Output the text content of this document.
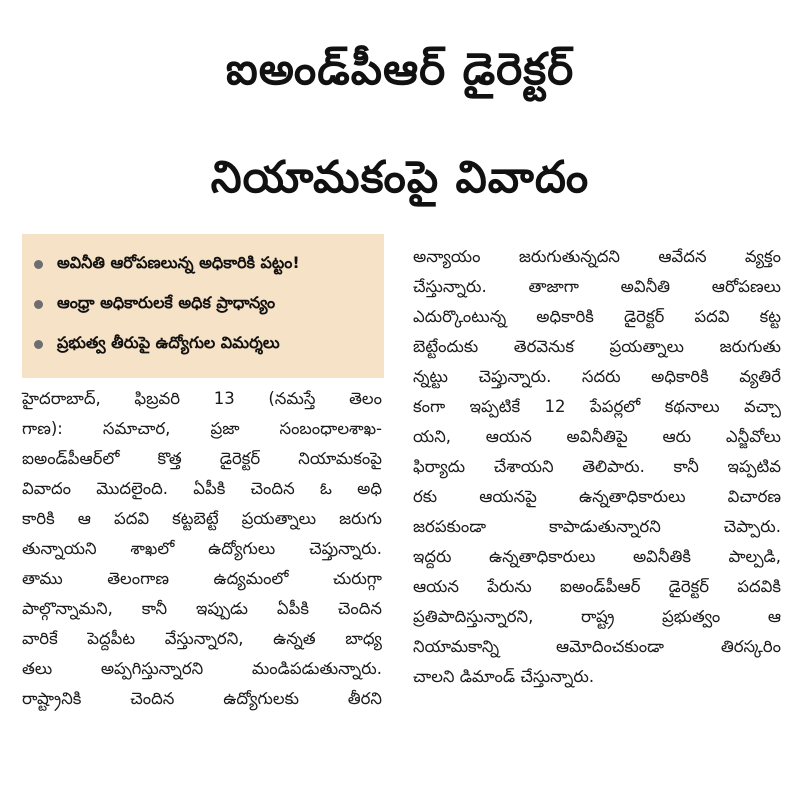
ఐఅండ్‌పీఆర్ డైరెక్టర్
నియామకంపై వివాదం
అవినీతి ఆరోపణలున్న అధికారికి పట్టం!
ఆంధ్రా అధికారులకే అధిక ప్రాధాన్యం
ప్రభుత్వ తీరుపై ఉద్యోగుల విమర్శలు
హైదరాబాద్, ఫిబ్రవరి 13 (నమస్తే తెలం
గాణ): సమాచార, ప్రజా సంబంధాలశాఖ-
ఐఅండ్‌పీఆర్‌లో కొత్త డైరెక్టర్ నియామకంపై
వివాదం మొదలైంది. ఏపీకి చెందిన ఓ అధి
కారికి ఆ పదవి కట్టబెట్టే ప్రయత్నాలు జరుగు
తున్నాయని శాఖలో ఉద్యోగులు చెప్తున్నారు.
తాము తెలంగాణ ఉద్యమంలో చురుగ్గా
పాల్గొన్నామని, కానీ ఇప్పుడు ఏపీకి చెందిన
వారికే పెద్దపీట వేస్తున్నారని, ఉన్నత బాధ్య
తలు అప్పగిస్తున్నారని మండిపడుతున్నారు.
రాష్ట్రానికి చెందిన ఉద్యోగులకు తీరని
అన్యాయం జరుగుతున్నదని ఆవేదన వ్యక్తం
చేస్తున్నారు. తాజాగా అవినీతి ఆరోపణలు
ఎదుర్కొంటున్న అధికారికి డైరెక్టర్ పదవి కట్ట
బెట్టేందుకు తెరవెనుక ప్రయత్నాలు జరుగుతు
న్నట్టు చెప్తున్నారు. సదరు అధికారికి వ్యతిరే
కంగా ఇప్పటికే 12 పేపర్లలో కథనాలు వచ్చా
యని, ఆయన అవినీతిపై ఆరు ఎన్జీవోలు
ఫిర్యాదు చేశాయని తెలిపారు. కానీ ఇప్పటివ
రకు ఆయనపై ఉన్నతాధికారులు విచారణ
జరపకుండా కాపాడుతున్నారని చెప్పారు.
ఇద్దరు ఉన్నతాధికారులు అవినీతికి పాల్పడి,
ఆయన పేరును ఐఅండ్‌పీఆర్ డైరెక్టర్ పదవికి
ప్రతిపాదిస్తున్నారని, రాష్ట్ర ప్రభుత్వం ఆ
నియామకాన్ని ఆమోదించకుండా తిరస్కరిం
చాలని డిమాండ్ చేస్తున్నారు.
